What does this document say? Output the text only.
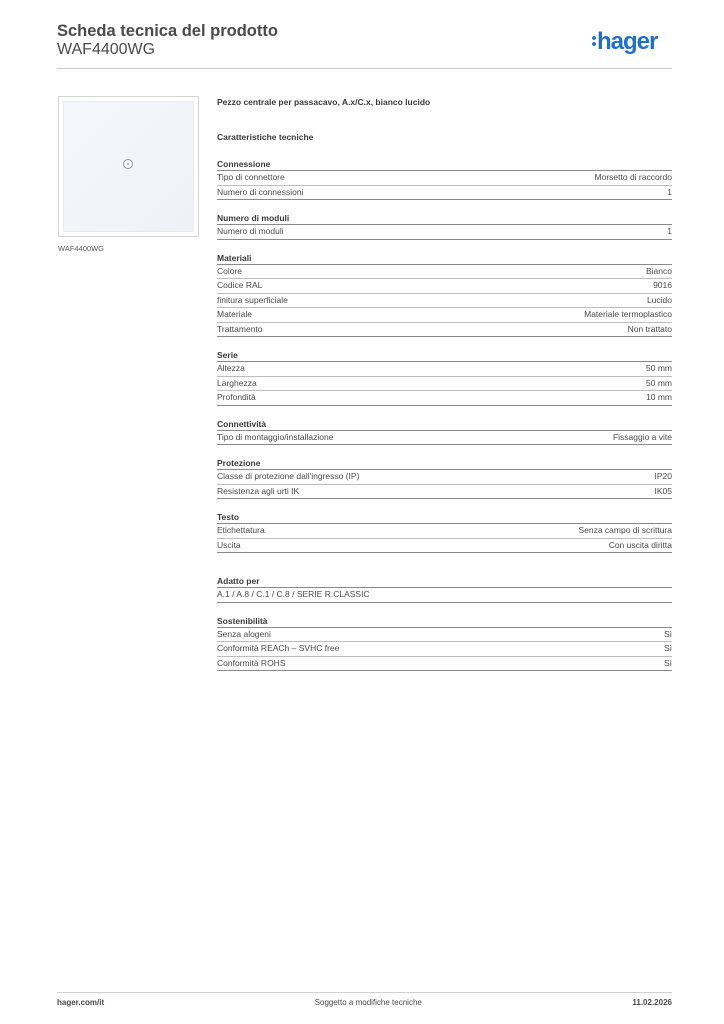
Scheda tecnica del prodotto
WAF4400WG	hager
WAF4400WG
Pezzo centrale per passacavo, A.x/C.x, bianco lucido
Caratteristiche tecniche
Connessione
Tipo di connettore	Morsetto di raccordo
Numero di connessioni	1
Numero di moduli
Numero di moduli	1
Materiali
Colore	Bianco
Codice RAL	9016
finitura superficiale	Lucido
Materiale	Materiale termoplastico
Trattamento	Non trattato
Serie
Altezza	50 mm
Larghezza	50 mm
Profondità	10 mm
Connettività
Tipo di montaggio/installazione	Fissaggio a vite
Protezione
Classe di protezione dall'ingresso (IP)	IP20
Resistenza agli urti IK	IK05
Testo
Etichettatura	Senza campo di scrittura
Uscita	Con uscita diritta
Adatto per
A.1 / A.8 / C.1 / C.8 / SERIE R.CLASSIC
Sostenibilità
Senza alogeni	Sì
Conformità REACh – SVHC free	Sì
Conformità ROHS	Sì
hager.com/it	Soggetto a modifiche tecniche	11.02.2026
